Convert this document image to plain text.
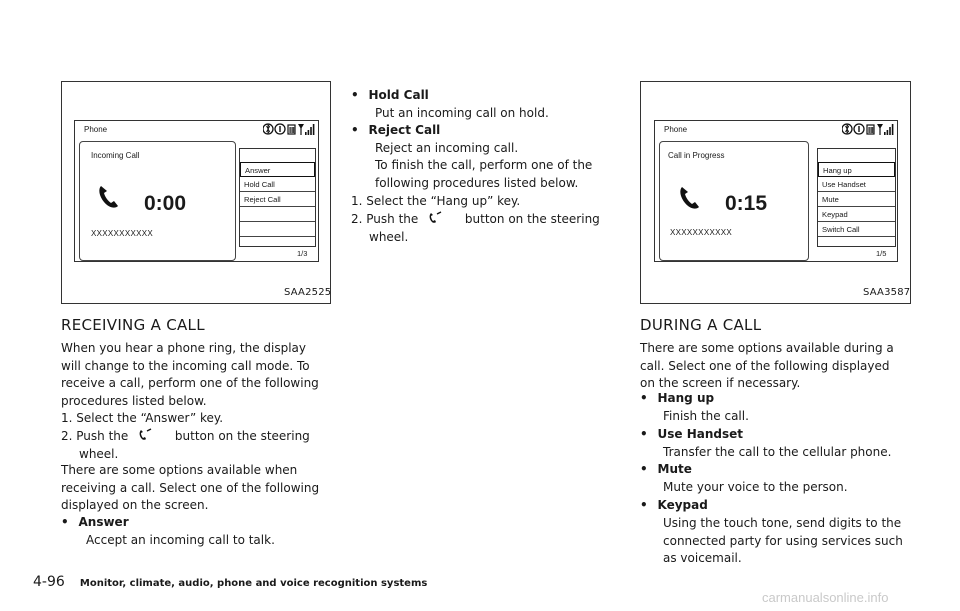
Phone
Incoming Call
0:00
XXXXXXXXXXX
Answer
Hold Call
Reject Call
1/3
SAA2525
RECEIVING A CALL
When you hear a phone ring, the display
will change to the incoming call mode. To
receive a call, perform one of the following
procedures listed below.
1. Select the “Answer” key.
2. Push the	button on the steering
wheel.
There are some options available when
receiving a call. Select one of the following
displayed on the screen.
• Answer
Accept an incoming call to talk.
• Hold Call
Put an incoming call on hold.
• Reject Call
Reject an incoming call.
To finish the call, perform one of the
following procedures listed below.
1. Select the “Hang up” key.
2. Push the	button on the steering
wheel.
Phone
Call in Progress
0:15
XXXXXXXXXXX
Hang up
Use Handset
Mute
Keypad
Switch Call
1/5
SAA3587
DURING A CALL
There are some options available during a
call. Select one of the following displayed
on the screen if necessary.
• Hang up
Finish the call.
• Use Handset
Transfer the call to the cellular phone.
• Mute
Mute your voice to the person.
• Keypad
Using the touch tone, send digits to the
connected party for using services such
as voicemail.
4-96 Monitor, climate, audio, phone and voice recognition systems
carmanualsonline.info
